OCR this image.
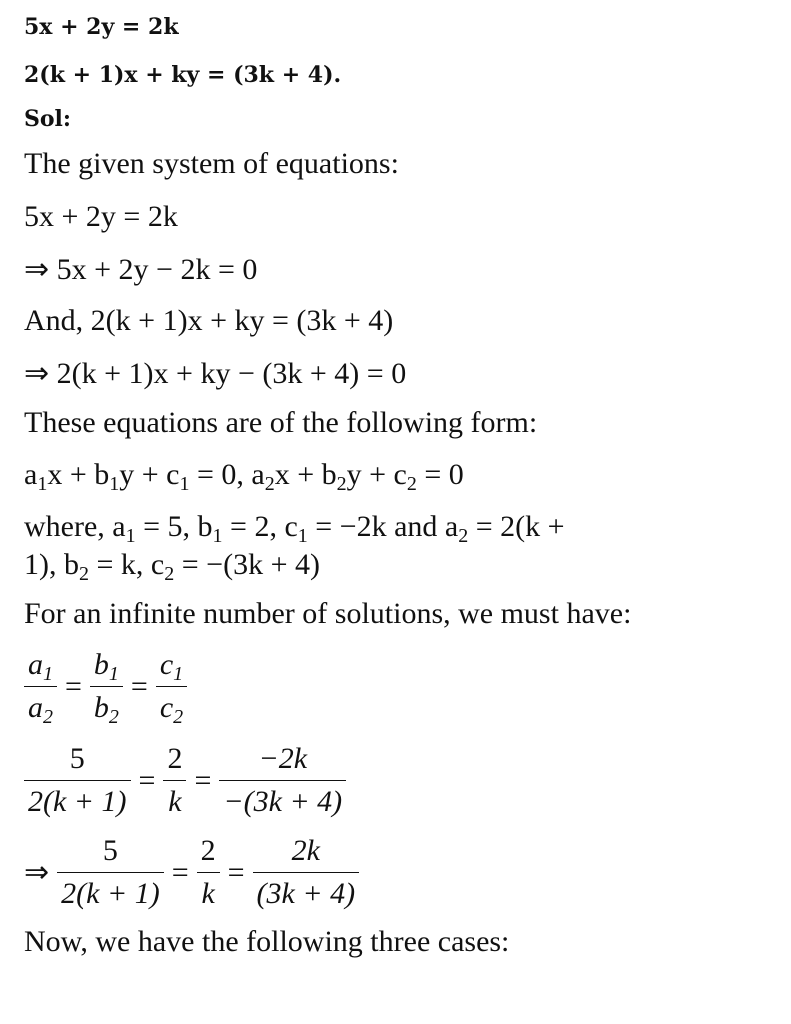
5x + 2y = 2k
2(k + 1)x + ky = (3k + 4).
Sol:
The given system of equations:
5x + 2y = 2k
⇒ 5x + 2y − 2k = 0
And, 2(k + 1)x + ky = (3k + 4)
⇒ 2(k + 1)x + ky − (3k + 4) = 0
These equations are of the following form:
$a_1x + b_1y + c_1 = 0$, $a_2x + b_2y + c_2 = 0$
where, $a_1 = 5$, $b_1 = 2$, $c_1 = -2k$ and $a_2 = 2(k$ +
1), $b_2 = k$, $c_2 = -(3k + 4)$
For an infinite number of solutions, we must have:
$\frac{a_1}{a_2} = \frac{b_1}{b_2} = \frac{c_1}{c_2}$
$\frac{5}{2(k + 1)} = \frac{2}{k} = \frac{-2k}{-(3k + 4)}$
⇒ $\frac{5}{2(k + 1)} = \frac{2}{k} = \frac{2k}{(3k + 4)}$
Now, we have the following three cases:
